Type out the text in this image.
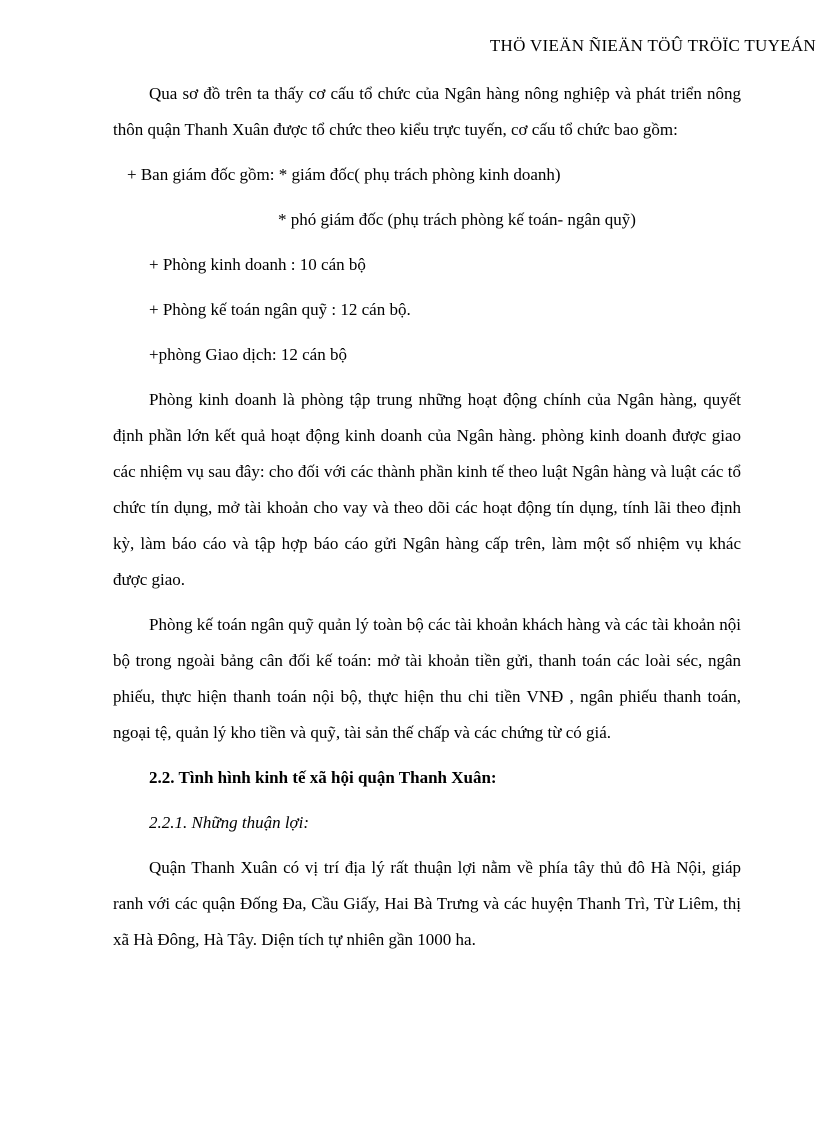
THÖ VIEÄN ÑIEÄN TÖÛ TRÖÏC TUYEÁN

Qua sơ đồ trên ta thấy cơ cấu tổ chức của Ngân hàng nông nghiệp và phát triển nông thôn quận Thanh Xuân được tổ chức theo kiểu trực tuyến, cơ cấu tổ chức bao gồm:

+ Ban giám đốc gồm: * giám đốc( phụ trách phòng kinh doanh)

* phó giám đốc (phụ trách phòng kế toán- ngân quỹ)

+ Phòng kinh doanh : 10 cán bộ

+ Phòng kế toán ngân quỹ : 12 cán bộ.

+phòng Giao dịch: 12 cán bộ

Phòng kinh doanh là phòng tập trung những hoạt động chính của Ngân hàng, quyết định phần lớn kết quả hoạt động kinh doanh của Ngân hàng. phòng kinh doanh được giao các nhiệm vụ sau đây: cho đối với các thành phần kinh tế theo luật Ngân hàng và luật các tổ chức tín dụng, mở tài khoản cho vay và theo dõi các hoạt động tín dụng, tính lãi theo định kỳ, làm báo cáo và tập hợp báo cáo gửi Ngân hàng cấp trên, làm một số nhiệm vụ khác được giao.

Phòng kế toán ngân quỹ quản lý toàn bộ các tài khoản khách hàng và các tài khoản nội bộ trong ngoài bảng cân đối kế toán: mở tài khoản tiền gửi, thanh toán các loài séc, ngân phiếu, thực hiện thanh toán nội bộ, thực hiện thu chi tiền VNĐ , ngân phiếu thanh toán, ngoại tệ, quản lý kho tiền và quỹ, tài sản thế chấp và các chứng từ có giá.

2.2. Tình hình kinh tế xã hội quận Thanh Xuân:

2.2.1. Những thuận lợi:

Quận Thanh Xuân có vị trí địa lý rất thuận lợi nằm về phía tây thủ đô Hà Nội, giáp ranh với các quận Đống Đa, Cầu Giấy, Hai Bà Trưng và các huyện Thanh Trì, Từ Liêm, thị xã Hà Đông, Hà Tây. Diện tích tự nhiên gần 1000 ha.
